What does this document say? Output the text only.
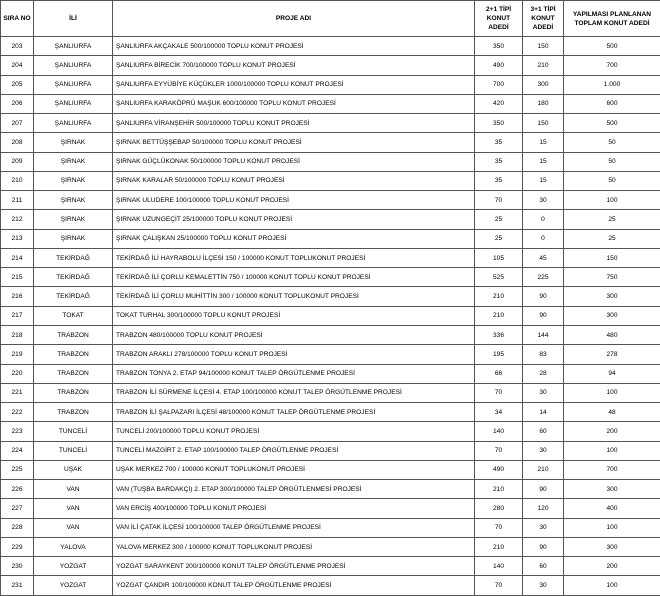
SIRA NO	İLİ	PROJE ADI	2+1 TİPİ KONUT ADEDİ	3+1 TİPİ KONUT ADEDİ	YAPILMASI PLANLANAN TOPLAM KONUT ADEDİ
203	ŞANLIURFA	ŞANLIURFA AKÇAKALE 500/100000 TOPLU KONUT PROJESİ	350	150	500
204	ŞANLIURFA	ŞANLIURFA BİRECİK 700/100000 TOPLU KONUT PROJESİ	490	210	700
205	ŞANLIURFA	ŞANLIURFA EYYÜBİYE KÜÇÜKLER 1000/100000 TOPLU KONUT PROJESİ	700	300	1.000
206	ŞANLIURFA	ŞANLIURFA KARAKÖPRÜ MAŞUK 600/100000 TOPLU KONUT PROJESİ	420	180	600
207	ŞANLIURFA	ŞANLIURFA VİRANŞEHİR 500/100000 TOPLU KONUT PROJESİ	350	150	500
208	ŞIRNAK	ŞIRNAK BETTÜŞŞEBAP 50/100000 TOPLU KONUT PROJESİ	35	15	50
209	ŞIRNAK	ŞIRNAK GÜÇLÜKONAK 50/100000 TOPLU KONUT PROJESİ	35	15	50
210	ŞIRNAK	ŞIRNAK KARALAR 50/100000 TOPLU KONUT PROJESİ	35	15	50
211	ŞIRNAK	ŞIRNAK ULUDERE 100/100000 TOPLU KONUT PROJESİ	70	30	100
212	ŞIRNAK	ŞIRNAK UZUNGEÇİT 25/100000 TOPLU KONUT PROJESİ	25	0	25
213	ŞIRNAK	ŞIRNAK ÇALIŞKAN 25/100000 TOPLU KONUT PROJESİ	25	0	25
214	TEKİRDAĞ	TEKİRDAĞ İLİ HAYRABOLU İLÇESİ 150 / 100000 KONUT TOPLUKONUT PROJESİ	105	45	150
215	TEKİRDAĞ	TEKİRDAĞ İLİ ÇORLU KEMALETTİN 750 / 100000 KONUT TOPLU KONUT PROJESİ	525	225	750
216	TEKİRDAĞ	TEKİRDAĞ İLİ ÇORLU MUHİTTİN 300 / 100000 KONUT TOPLUKONUT PROJESİ	210	90	300
217	TOKAT	TOKAT TURHAL 300/100000 TOPLU KONUT PROJESİ	210	90	300
218	TRABZON	TRABZON 480/100000 TOPLU KONUT PROJESİ	336	144	480
219	TRABZON	TRABZON ARAKLI 278/100000 TOPLU KONUT PROJESİ	195	83	278
220	TRABZON	TRABZON TONYA 2. ETAP 94/100000 KONUT TALEP ÖRGÜTLENME PROJESİ	66	28	94
221	TRABZON	TRABZON İLİ SÜRMENE İLÇESİ 4. ETAP 100/100000 KONUT TALEP ÖRGÜTLENME PROJESİ	70	30	100
222	TRABZON	TRABZON İLİ ŞALPAZARI İLÇESİ 48/100000 KONUT TALEP ÖRGÜTLENME PROJESİ	34	14	48
223	TUNCELİ	TUNCELİ 200/100000 TOPLU KONUT PROJESİ	140	60	200
224	TUNCELİ	TUNCELİ MAZGİRT 2. ETAP 100/100000 TALEP ÖRGÜTLENME PROJESİ	70	30	100
225	UŞAK	UŞAK MERKEZ 700 / 100000 KONUT TOPLUKONUT PROJESİ	490	210	700
226	VAN	VAN (TUŞBA BARDAKÇI) 2. ETAP 300/100000 TALEP ÖRGÜTLENMESİ PROJESİ	210	90	300
227	VAN	VAN ERCİŞ 400/100000 TOPLU KONUT PROJESİ	280	120	400
228	VAN	VAN İLİ ÇATAK İLÇESİ 100/100000 TALEP ÖRGÜTLENME PROJESİ	70	30	100
229	YALOVA	YALOVA MERKEZ 300 / 100000 KONUT TOPLUKONUT PROJESİ	210	90	300
230	YOZGAT	YOZGAT SARAYKENT 200/100000 KONUT TALEP ÖRGÜTLENME PROJESİ	140	60	200
231	YOZGAT	YOZGAT ÇANDIR 100/100000 KONUT TALEP ÖRGÜTLENME PROJESİ	70	30	100
